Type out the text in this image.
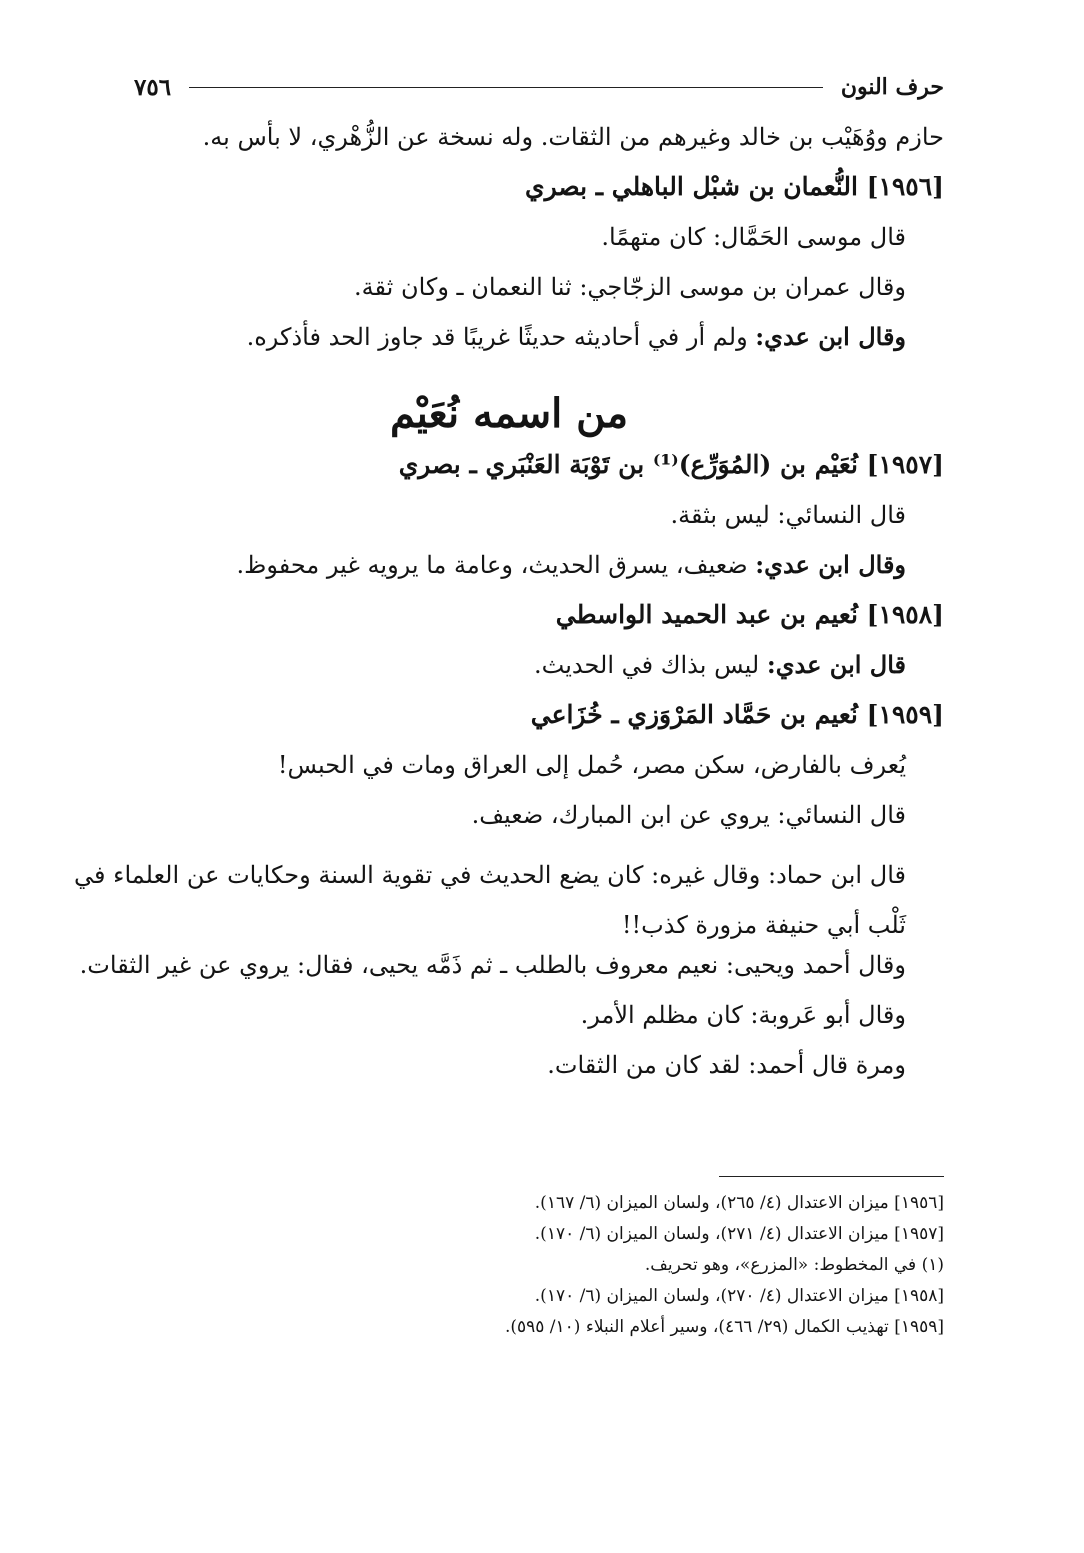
حرف النون
٧٥٦
حازم ووُهَيْب بن خالد وغيرهم من الثقات. وله نسخة عن الزُّهْري، لا بأس به.
[١٩٥٦] النُّعمان بن شبْل الباهلي ـ بصري
قال موسى الحَمَّال: كان متهمًا.
وقال عمران بن موسى الزجّاجي: ثنا النعمان ـ وكان ثقة.
وقال ابن عدي: ولم أر في أحاديثه حديثًا غريبًا قد جاوز الحد فأذكره.
من اسمه نُعَيْم
[١٩٥٧] نُعَيْم بن (المُوَرِّع)⁽¹⁾ بن تَوْبَة العَنْبَري ـ بصري
قال النسائي: ليس بثقة.
وقال ابن عدي: ضعيف، يسرق الحديث، وعامة ما يرويه غير محفوظ.
[١٩٥٨] نُعيم بن عبد الحميد الواسطي
قال ابن عدي: ليس بذاك في الحديث.
[١٩٥٩] نُعيم بن حَمَّاد المَرْوَزي ـ خُزَاعي
يُعرف بالفارض، سكن مصر، حُمل إلى العراق ومات في الحبس!
قال النسائي: يروي عن ابن المبارك، ضعيف.
قال ابن حماد: وقال غيره: كان يضع الحديث في تقوية السنة وحكايات عن العلماء في ثَلْب أبي حنيفة مزورة كذب!!
وقال أحمد ويحيى: نعيم معروف بالطلب ـ ثم ذَمَّه يحيى، فقال: يروي عن غير الثقات.
وقال أبو عَروبة: كان مظلم الأمر.
ومرة قال أحمد: لقد كان من الثقات.
[١٩٥٦] ميزان الاعتدال (٤/ ٢٦٥)، ولسان الميزان (٦/ ١٦٧).
[١٩٥٧] ميزان الاعتدال (٤/ ٢٧١)، ولسان الميزان (٦/ ١٧٠).
(١) في المخطوط: «المزرع»، وهو تحريف.
[١٩٥٨] ميزان الاعتدال (٤/ ٢٧٠)، ولسان الميزان (٦/ ١٧٠).
[١٩٥٩] تهذيب الكمال (٢٩/ ٤٦٦)، وسير أعلام النبلاء (١٠/ ٥٩٥).
